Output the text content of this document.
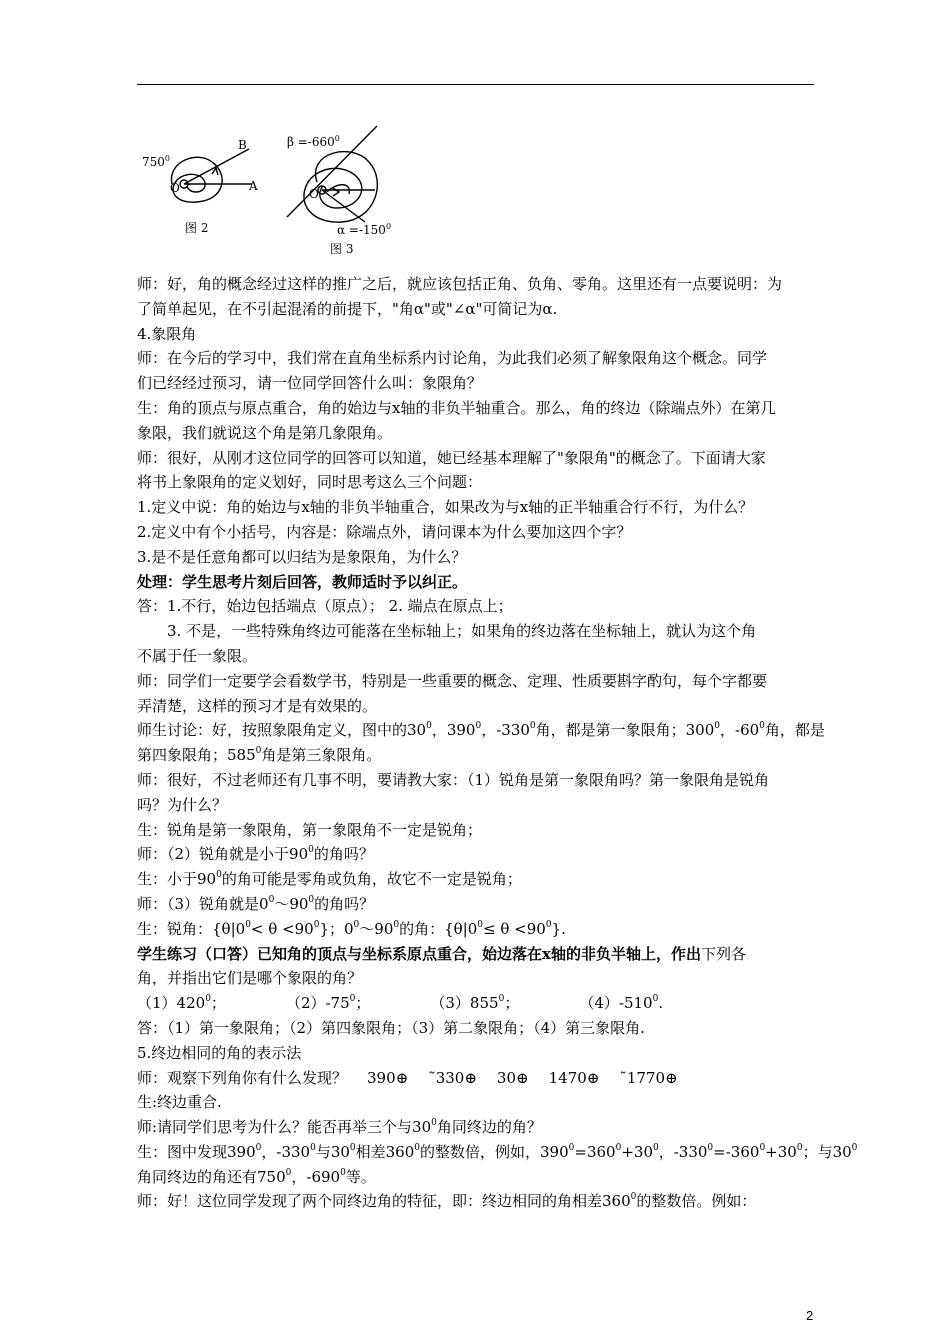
$750^0$
O
B
A
图 2
$\beta =-660^0$
O
$\alpha =-150^0$
图 3

师：好，角的概念经过这样的推广之后，就应该包括正角、负角、零角。这里还有一点要说明：为

了简单起见，在不引起混淆的前提下，"角α"或"∠α"可简记为α.

4.象限角

师：在今后的学习中，我们常在直角坐标系内讨论角，为此我们必须了解象限角这个概念。同学

们已经经过预习，请一位同学回答什么叫：象限角？

生：角的顶点与原点重合，角的始边与x轴的非负半轴重合。那么，角的终边（除端点外）在第几

象限，我们就说这个角是第几象限角。

师：很好，从刚才这位同学的回答可以知道，她已经基本理解了"象限角"的概念了。下面请大家

将书上象限角的定义划好，同时思考这么三个问题：

1.定义中说：角的始边与x轴的非负半轴重合，如果改为与x轴的正半轴重合行不行，为什么？

2.定义中有个小括号，内容是：除端点外，请问课本为什么要加这四个字？

3.是不是任意角都可以归结为是象限角，为什么？

处理：学生思考片刻后回答，教师适时予以纠正。

答：1.不行，始边包括端点（原点）； 2. 端点在原点上；

3. 不是，一些特殊角终边可能落在坐标轴上；如果角的终边落在坐标轴上，就认为这个角

不属于任一象限。

师：同学们一定要学会看数学书，特别是一些重要的概念、定理、性质要斟字酌句，每个字都要

弄清楚，这样的预习才是有效果的。

师生讨论：好，按照象限角定义，图中的$30^0$，$390^0$，$-330^0$角，都是第一象限角；$300^0$，$-60^0$角，都是

第四象限角；$585^0$角是第三象限角。

师：很好，不过老师还有几事不明，要请教大家：（1）锐角是第一象限角吗？第一象限角是锐角

吗？为什么？

生：锐角是第一象限角，第一象限角不一定是锐角；

师：（2）锐角就是小于$90^0$的角吗？

生：小于$90^0$的角可能是零角或负角，故它不一定是锐角；

师：（3）锐角就是$0^0\sim 90^0$的角吗？

生：锐角：$\{\theta|0^0< \theta <90^0\}$；$0^0\sim 90^0$的角：$\{\theta|0^0\le \theta <90^0\}$.

学生练习（口答）已知角的顶点与坐标系原点重合，始边落在x轴的非负半轴上，作出下列各

角，并指出它们是哪个象限的角？

$(1)420^0$；	$(2)-75^0$；	$(3)855^0$；	$(4)-510^0$.

答：（1）第一象限角；（2）第四象限角；（3）第二象限角；（4）第三象限角.

5.终边相同的角的表示法

师：观察下列角你有什么发现？ 390⊕ ˜330⊕ 30⊕ 1470⊕ ˜1770⊕

生:终边重合.

师:请同学们思考为什么？能否再举三个与$30^0$角同终边的角？

生：图中发现$390^0$，$-330^0$与$30^0$相差$360^0$的整数倍，例如，$390^0=360^0+30^0$，$-330^0=-360^0+30^0$；与$30^0$

角同终边的角还有$750^0$，$-690^0$等。

师：好！这位同学发现了两个同终边角的特征，即：终边相同的角相差$360^0$的整数倍。例如：

2
